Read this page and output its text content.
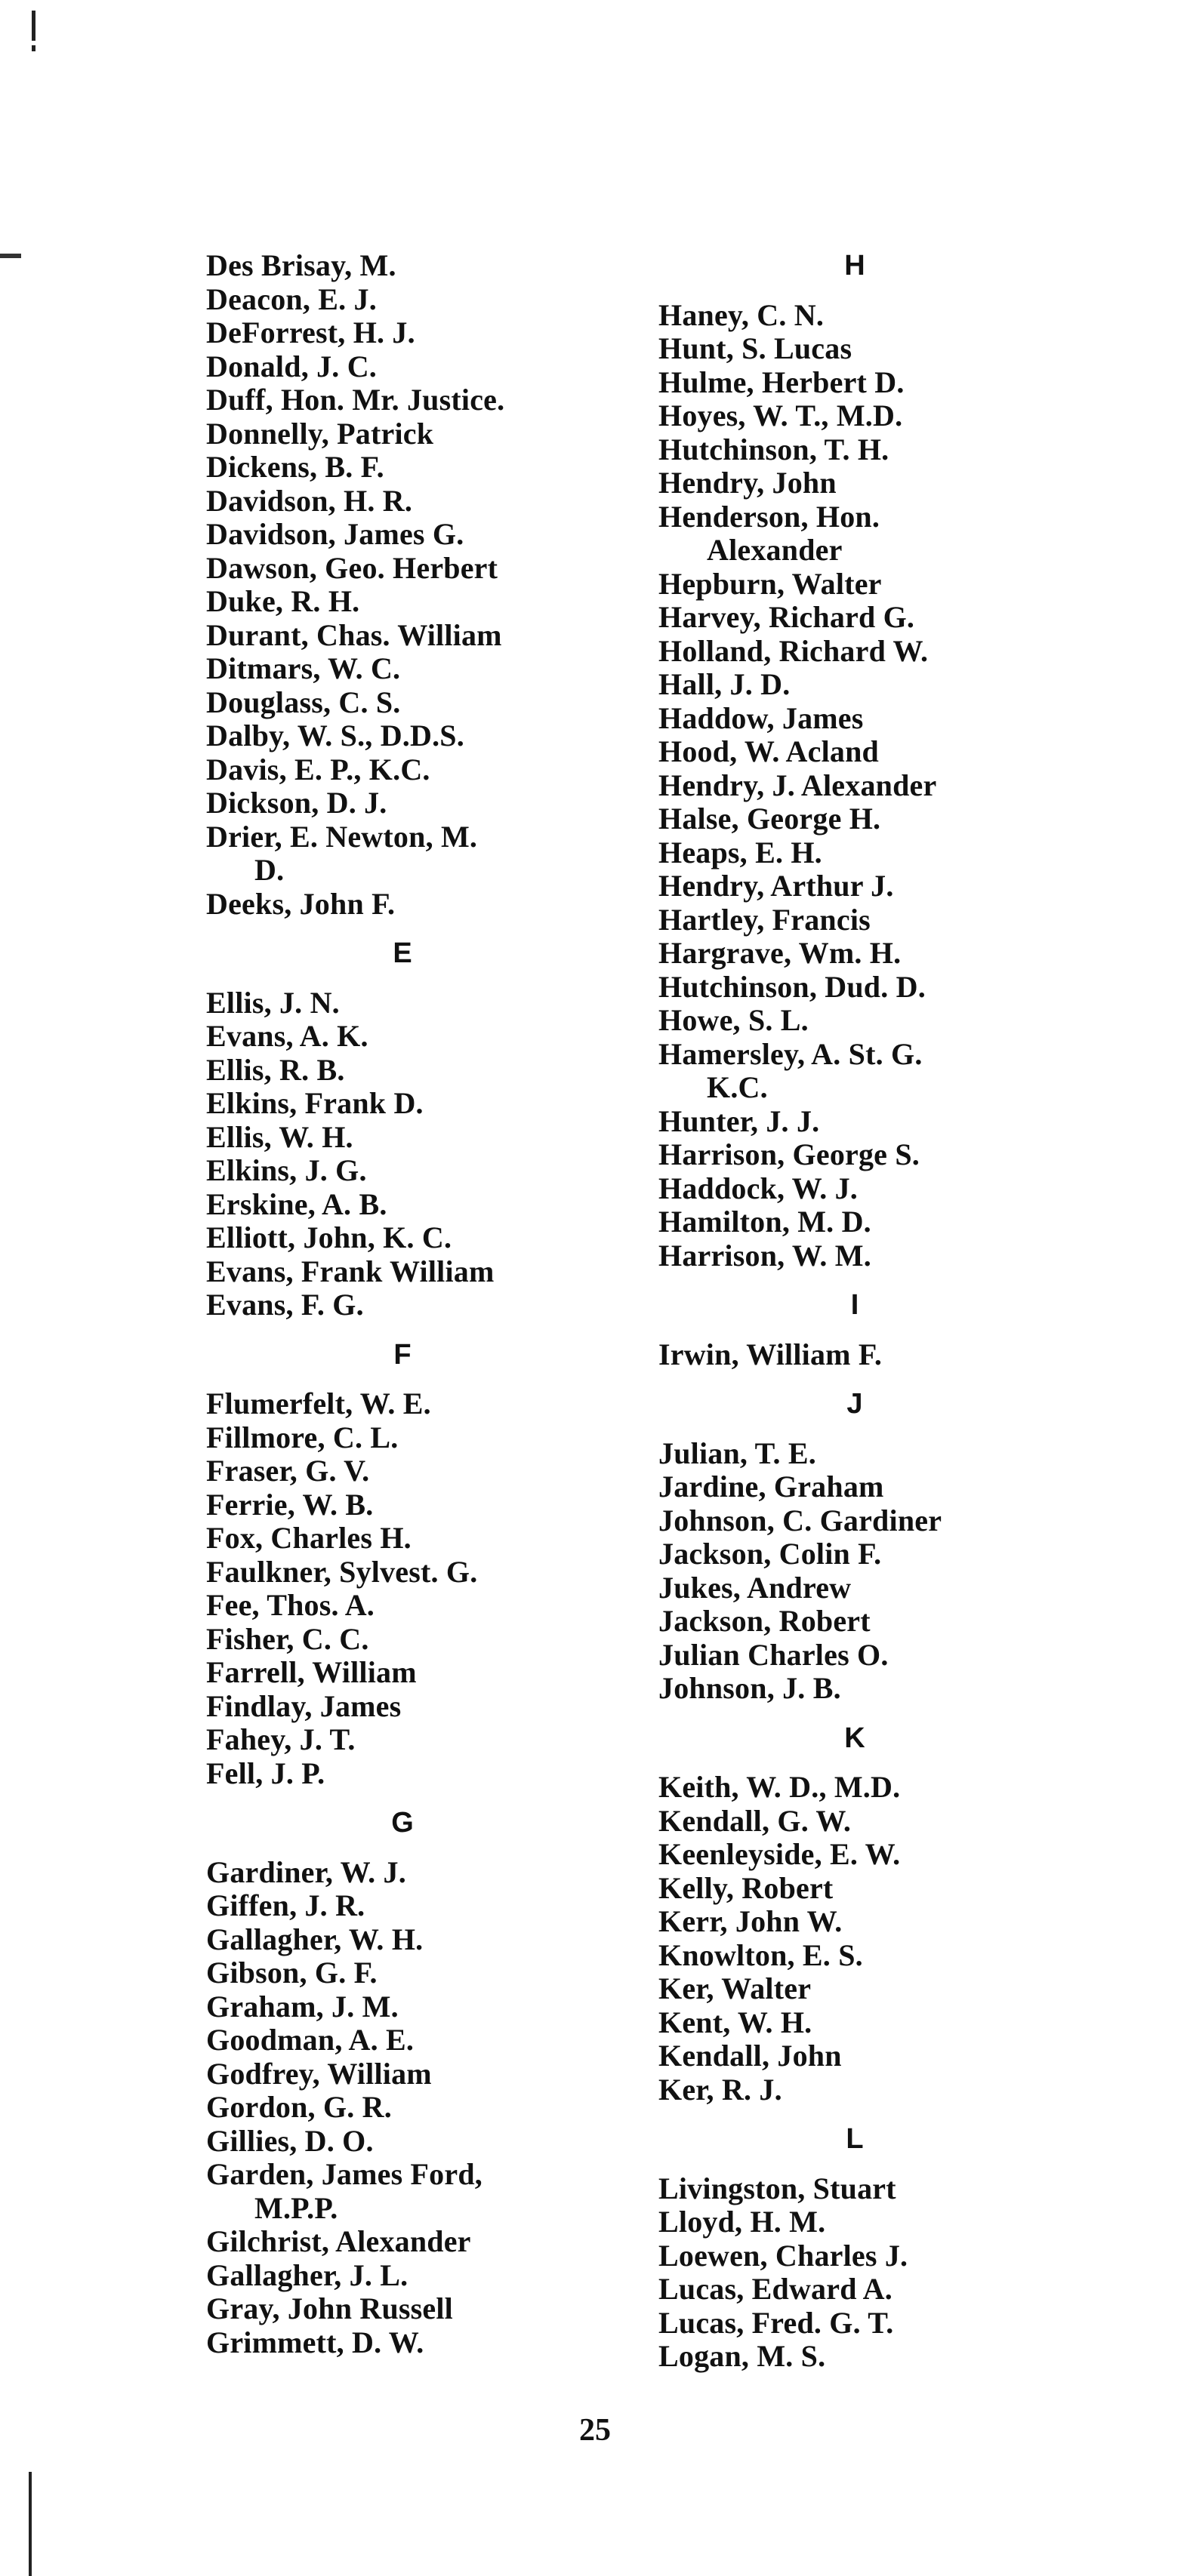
Des Brisay, M.
Deacon, E. J.
DeForrest, H. J.
Donald, J. C.
Duff, Hon. Mr. Justice.
Donnelly, Patrick
Dickens, B. F.
Davidson, H. R.
Davidson, James G.
Dawson, Geo. Herbert
Duke, R. H.
Durant, Chas. William
Ditmars, W. C.
Douglass, C. S.
Dalby, W. S., D.D.S.
Davis, E. P., K.C.
Dickson, D. J.
Drier, E. Newton, M.
D.
Deeks, John F.
E
Ellis, J. N.
Evans, A. K.
Ellis, R. B.
Elkins, Frank D.
Ellis, W. H.
Elkins, J. G.
Erskine, A. B.
Elliott, John, K. C.
Evans, Frank William
Evans, F. G.
F
Flumerfelt, W. E.
Fillmore, C. L.
Fraser, G. V.
Ferrie, W. B.
Fox, Charles H.
Faulkner, Sylvest. G.
Fee, Thos. A.
Fisher, C. C.
Farrell, William
Findlay, James
Fahey, J. T.
Fell, J. P.
G
Gardiner, W. J.
Giffen, J. R.
Gallagher, W. H.
Gibson, G. F.
Graham, J. M.
Goodman, A. E.
Godfrey, William
Gordon, G. R.
Gillies, D. O.
Garden, James Ford,
M.P.P.
Gilchrist, Alexander
Gallagher, J. L.
Gray, John Russell
Grimmett, D. W.
H
Haney, C. N.
Hunt, S. Lucas
Hulme, Herbert D.
Hoyes, W. T., M.D.
Hutchinson, T. H.
Hendry, John
Henderson, Hon.
Alexander
Hepburn, Walter
Harvey, Richard G.
Holland, Richard W.
Hall, J. D.
Haddow, James
Hood, W. Acland
Hendry, J. Alexander
Halse, George H.
Heaps, E. H.
Hendry, Arthur J.
Hartley, Francis
Hargrave, Wm. H.
Hutchinson, Dud. D.
Howe, S. L.
Hamersley, A. St. G.
K.C.
Hunter, J. J.
Harrison, George S.
Haddock, W. J.
Hamilton, M. D.
Harrison, W. M.
I
Irwin, William F.
J
Julian, T. E.
Jardine, Graham
Johnson, C. Gardiner
Jackson, Colin F.
Jukes, Andrew
Jackson, Robert
Julian Charles O.
Johnson, J. B.
K
Keith, W. D., M.D.
Kendall, G. W.
Keenleyside, E. W.
Kelly, Robert
Kerr, John W.
Knowlton, E. S.
Ker, Walter
Kent, W. H.
Kendall, John
Ker, R. J.
L
Livingston, Stuart
Lloyd, H. M.
Loewen, Charles J.
Lucas, Edward A.
Lucas, Fred. G. T.
Logan, M. S.
25
